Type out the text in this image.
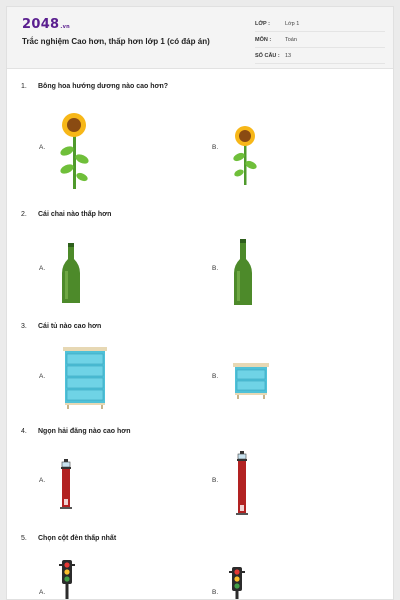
2048.vn
Trắc nghiệm Cao hơn, thấp hơn lớp 1 (có đáp án)
LỚP :	Lớp 1
MÔN :	Toán
SỐ CÂU : 13
1. Bông hoa hướng dương nào cao hơn?
A.	B.
2. Cái chai nào thấp hơn
A.	B.
3. Cái tủ nào cao hơn
A.	B.
4. Ngọn hải đăng nào cao hơn
A.	B.
5. Chọn cột đèn thấp nhất
A.	B.
